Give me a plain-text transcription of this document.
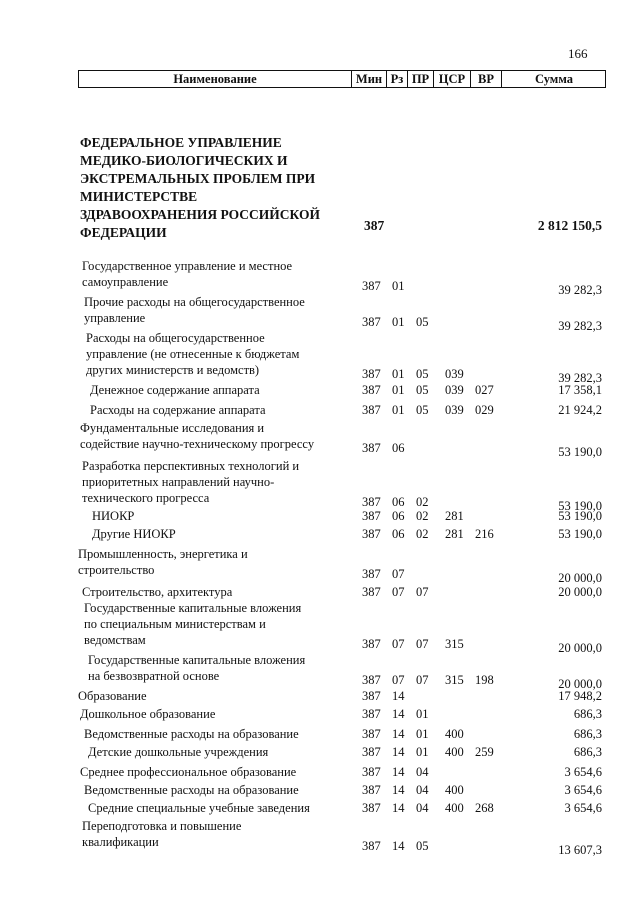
166
Наименование	Мин Рз ПР ЦСР	ВР	Сумма
ФЕДЕРАЛЬНОЕ УПРАВЛЕНИЕ
МЕДИКО-БИОЛОГИЧЕСКИХ И
ЭКСТРЕМАЛЬНЫХ ПРОБЛЕМ ПРИ
МИНИСТЕРСТВЕ
ЗДРАВООХРАНЕНИЯ РОССИЙСКОЙ
ФЕДЕРАЦИИ	387	2 812 150,5
Государственное управление и местное
самоуправление	387 01	39 282,3
Прочие расходы на общегосударственное
управление	387 01 05	39 282,3
Расходы на общегосударственное
управление (не отнесенные к бюджетам
других министерств и ведомств)	387 01 05 039	39 282,3
Денежное содержание аппарата	387 01 05 039 027	17 358,1
Расходы на содержание аппарата	387 01 05 039 029	21 924,2
Фундаментальные исследования и
содействие научно-техническому прогрессу	387 06	53 190,0
Разработка перспективных технологий и
приоритетных направлений научно-
технического прогресса	387 06 02	53 190,0
НИОКР	387 06 02 281	53 190,0
Другие НИОКР	387 06 02 281 216	53 190,0
Промышленность, энергетика и
строительство	387 07	20 000,0
Строительство, архитектура	387 07 07	20 000,0
Государственные капитальные вложения
по специальным министерствам и
ведомствам	387 07 07 315	20 000,0
Государственные капитальные вложения
на безвозвратной основе	387 07 07 315 198	20 000,0
Образование	387 14	17 948,2
Дошкольное образование	387 14 01	686,3
Ведомственные расходы на образование	387 14 01 400	686,3
Детские дошкольные учреждения	387 14 01 400 259	686,3
Среднее профессиональное образование	387 14 04	3 654,6
Ведомственные расходы на образование	387 14 04 400	3 654,6
Средние специальные учебные заведения	387 14 04 400 268	3 654,6
Переподготовка и повышение
квалификации	387 14 05	13 607,3
